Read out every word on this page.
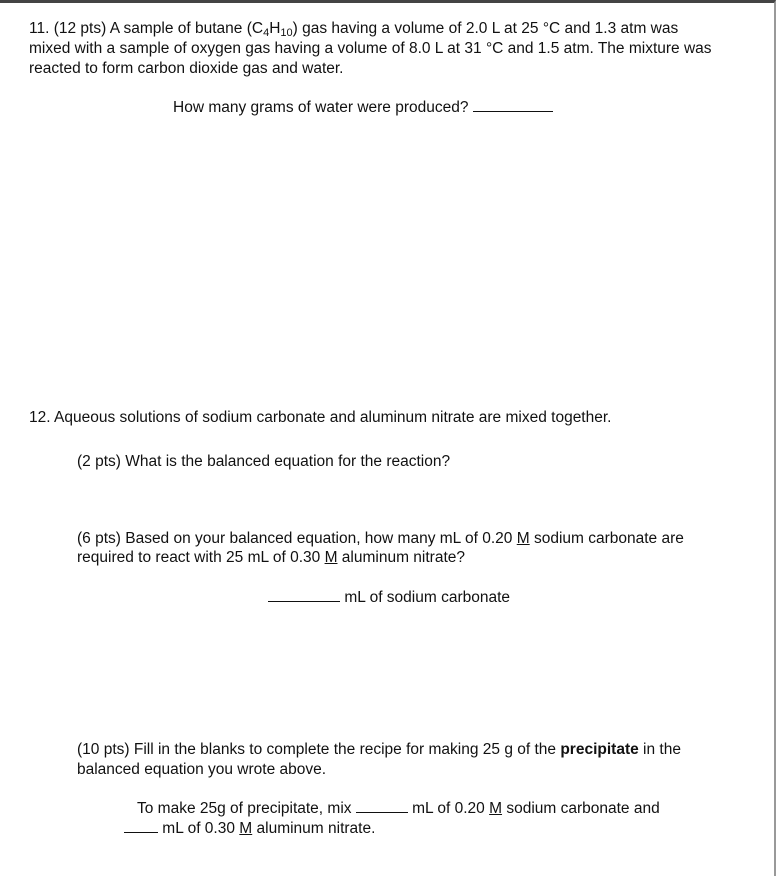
11. (12 pts) A sample of butane $(C_4H_{10})$ gas having a volume of 2.0 L at 25 °C and 1.3 atm was
mixed with a sample of oxygen gas having a volume of 8.0 L at 31 °C and 1.5 atm. The mixture was
reacted to form carbon dioxide gas and water.
How many grams of water were produced?
12. Aqueous solutions of sodium carbonate and aluminum nitrate are mixed together.
(2 pts) What is the balanced equation for the reaction?
(6 pts) Based on your balanced equation, how many mL of 0.20 M sodium carbonate are
required to react with 25 mL of 0.30 M aluminum nitrate?
mL of sodium carbonate
(10 pts) Fill in the blanks to complete the recipe for making 25 g of the precipitate in the
balanced equation you wrote above.
To make 25g of precipitate, mix	mL of 0.20 M sodium carbonate and
mL of 0.30 M aluminum nitrate.
